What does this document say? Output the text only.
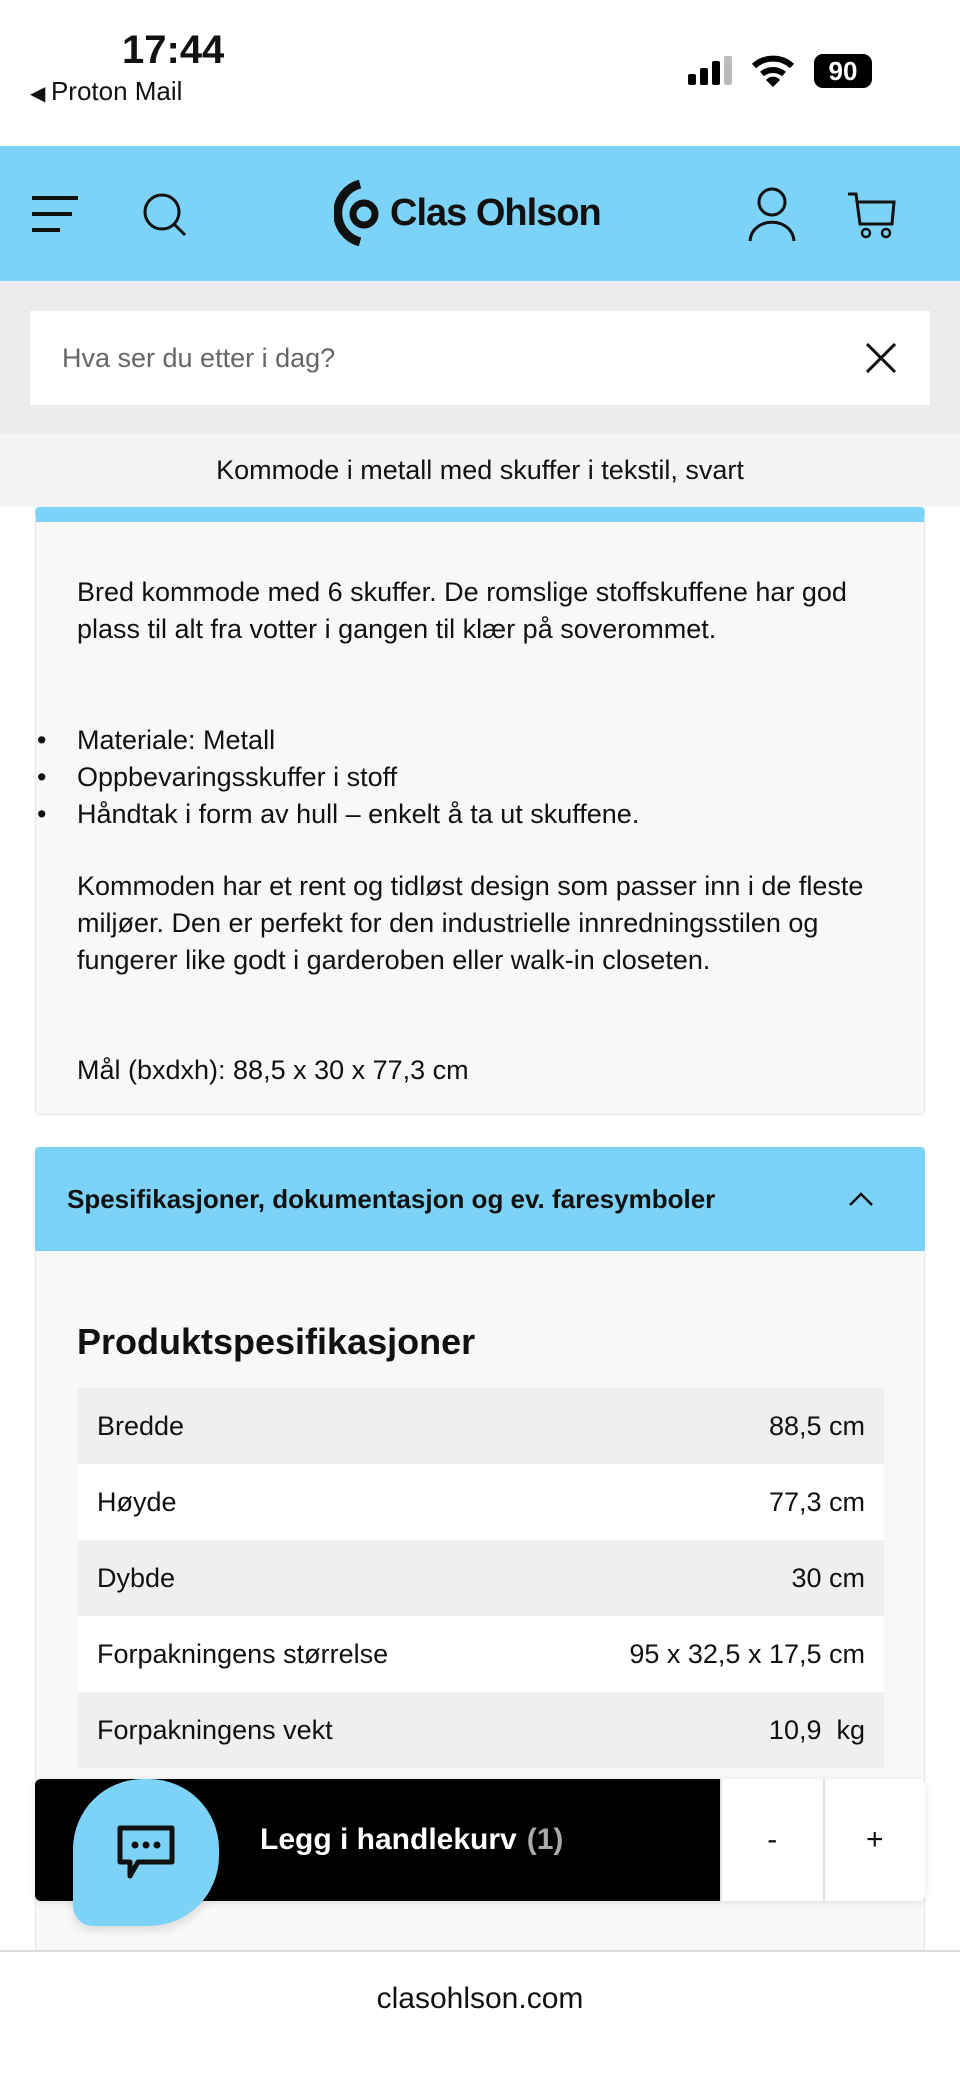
17:44
◀ Proton Mail
90
Clas Ohlson
Hva ser du etter i dag?
Kommode i metall med skuffer i tekstil, svart
Bred kommode med 6 skuffer. De romslige stoffskuffene har god plass til alt fra votter i gangen til klær på soverommet.
• Materiale: Metall
• Oppbevaringsskuffer i stoff
• Håndtak i form av hull – enkelt å ta ut skuffene.
Kommoden har et rent og tidløst design som passer inn i de fleste miljøer. Den er perfekt for den industrielle innredningsstilen og fungerer like godt i garderoben eller walk-in closeten.
Mål (bxdxh): 88,5 x 30 x 77,3 cm
Spesifikasjoner, dokumentasjon og ev. faresymboler
Produktspesifikasjoner
Bredde	88,5 cm
Høyde	77,3 cm
Dybde	30 cm
Forpakningens størrelse	95 x 32,5 x 17,5 cm
Forpakningens vekt	10,9  kg
Legg i handlekurv (1)	-	+
clasohlson.com
